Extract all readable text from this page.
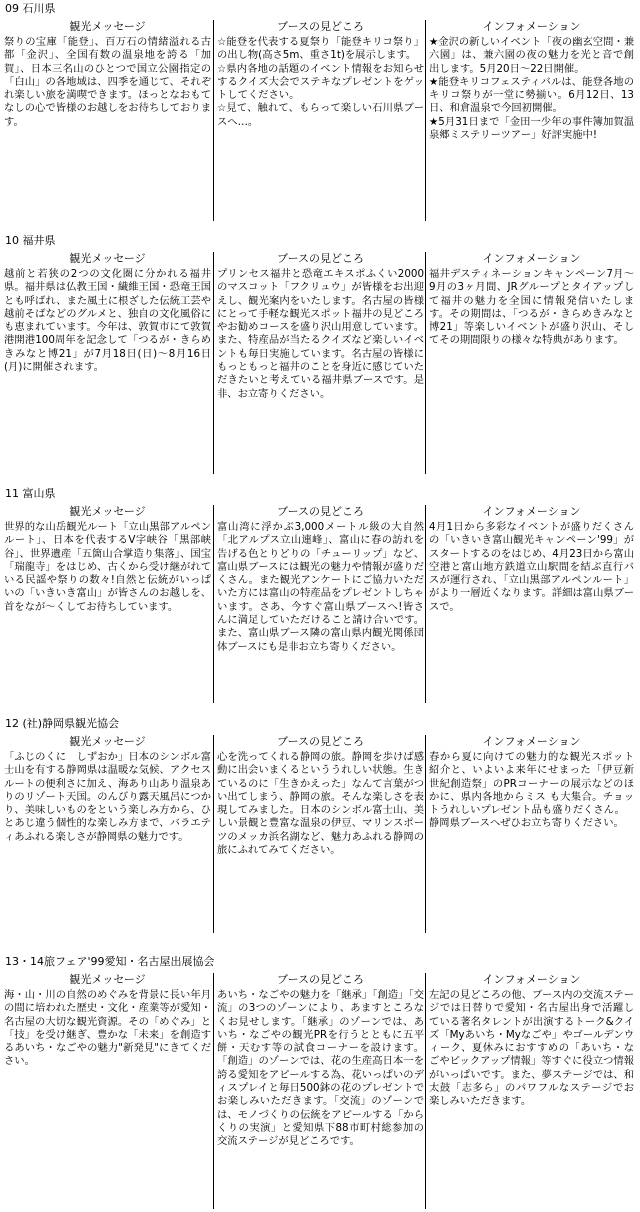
09 石川県
観光メッセージ

祭りの宝庫「能登」、百万石の情緒溢れる古都「金沢」、全国有数の温泉地を誇る「加賀」、日本三名山のひとつで国立公園指定の「白山」の各地域は、四季を通じて、それぞれ楽しい旅を満喫できます。ほっとなおもてなしの心で皆様のお越しをお待ちしております。

ブースの見どころ

☆能登を代表する夏祭り「能登キリコ祭り」の出し物(高さ5m、重さ1t)を展示します。

☆県内各地の話題のイベント情報をお知らせするクイズ大会でステキなプレゼントをゲットしてください。

☆見て、触れて、もらって楽しい石川県ブースへ…。

インフォメーション

★金沢の新しいイベント「夜の幽玄空間・兼六園」は、兼六園の夜の魅力を光と音で創出します。5月20日～22日開催。

★能登キリコフェスティバルは、能登各地のキリコ祭りが一堂に勢揃い。6月12日、13日、和倉温泉で今回初開催。

★5月31日まで「金田一少年の事件簿加賀温泉郷ミステリーツアー」好評実施中!

10 福井県
観光メッセージ

越前と若狭の2つの文化圏に分かれる福井県。福井県は仏教王国・繊維王国・恐竜王国とも呼ばれ、また風土に根ざした伝統工芸や越前そばなどのグルメと、独自の文化風俗にも恵まれています。今年は、敦賀市にて敦賀港開港100周年を記念して「つるが・きらめきみなと博21」が7月18日(日)～8月16日(月)に開催されます。

ブースの見どころ

プリンセス福井と恐竜エキスポふくい2000のマスコット「フクリュウ」が皆様をお出迎えし、観光案内をいたします。名古屋の皆様にとって手軽な観光スポット福井の見どころやお勧めコースを盛り沢山用意しています。また、特産品が当たるクイズなど楽しいイベントも毎日実施しています。名古屋の皆様にもっともっと福井のことを身近に感じていただきたいと考えている福井県ブースです。是非、お立寄りください。

インフォメーション

福井デスティネーションキャンペーン7月～9月の3ヶ月間、JRグループとタイアップして福井の魅力を全国に情報発信いたします。その期間は、「つるが・きらめきみなと博21」等楽しいイベントが盛り沢山、そしてその期間限りの様々な特典があります。

11 富山県
観光メッセージ

世界的な山岳観光ルート「立山黒部アルペンルート」、日本を代表するV字峡谷「黒部峡谷」、世界遺産「五箇山合掌造り集落」、国宝「瑞龍寺」をはじめ、古くから受け継がれている民謡や祭りの数々!自然と伝統がいっぱいの「いきいき富山」が皆さんのお越しを、首をなが～くしてお待ちしています。

ブースの見どころ

富山湾に浮かぶ3,000メートル級の大自然「北アルプス立山連峰」、富山に春の訪れを告げる色とりどりの「チューリップ」など、富山県ブースには観光の魅力や情報が盛りだくさん。また観光アンケートにご協力いただいた方には富山の特産品をプレゼントしちゃいます。さあ、今すぐ富山県ブースへ!皆さんに満足していただけること請け合いです。また、富山県ブース隣の富山県内観光関係団体ブースにも是非お立ち寄りください。

インフォメーション

4月1日から多彩なイベントが盛りだくさんの「いきいき富山観光キャンペーン'99」がスタートするのをはじめ、4月23日から富山空港と富山地方鉄道立山駅間を結ぶ直行バスが運行され、「立山黒部アルペンルート」がより一層近くなります。詳細は富山県ブースで。

12 (社)静岡県観光協会
観光メッセージ

「ふじのくに　しずおか」日本のシンボル富士山を有する静岡県は温暖な気候、アクセスルートの便利さに加え、海あり山あり温泉ありのリゾート天国。のんびり露天風呂につかり、美味しいものをという楽しみ方から、ひとあじ違う個性的な楽しみ方まで、バラエティあふれる楽しさが静岡県の魅力です。

ブースの見どころ

心を洗ってくれる静岡の旅。静岡を歩けば感動に出会いまくるといううれしい状態。生きているのに「生きかえった」なんて言葉がつい出てしまう、静岡の旅。そんな楽しさを表現してみました。日本のシンボル富士山、美しい景観と豊富な温泉の伊豆、マリンスポーツのメッカ浜名湖など、魅力あふれる静岡の旅にふれてみてください。

インフォメーション

春から夏に向けての魅力的な観光スポット紹介と、いよいよ来年にせまった「伊豆新世紀創造祭」のPRコーナーの展示などのほかに、県内各地からミス も大集合。チョットうれしいプレゼント品も盛りだくさん。

静岡県ブースへぜひお立ち寄りください。

13・14旅フェア'99愛知・名古屋出展協会
観光メッセージ

海・山・川の自然のめぐみを背景に長い年月の間に培われた歴史・文化・産業等が愛知・名古屋の大切な観光資源。その「めぐみ」と「技」を受け継ぎ、豊かな「未来」を創造するあいち・なごやの魅力"新発見"にきてください。

ブースの見どころ

あいち・なごやの魅力を「継承」「創造」「交流」の3つのゾーンにより、あますところなくお見せします。「継承」のゾーンでは、あいち・なごやの観光PRを行うとともに五平餅・天むす等の試食コーナーを設けます。「創造」のゾーンでは、花の生産高日本一を誇る愛知をアピールする為、花いっぱいのディスプレイと毎日500鉢の花のプレゼントでお楽しみいただきます。「交流」のゾーンでは、モノづくりの伝統をアピールする「からくりの実演」と愛知県下88市町村総参加の交流ステージが見どころです。

インフォメーション

左記の見どころの他、ブース内の交流ステージでは日替りで愛知・名古屋出身で活躍している著名タレントが出演するトーク&クイズ「Myあいち・Myなごや」やゴールデンウィーク、夏休みにおすすめの「あいち・なごやピックアップ情報」等すぐに役立つ情報がいっぱいです。また、夢ステージでは、和太鼓「志多ら」のパワフルなステージでお楽しみいただきます。
